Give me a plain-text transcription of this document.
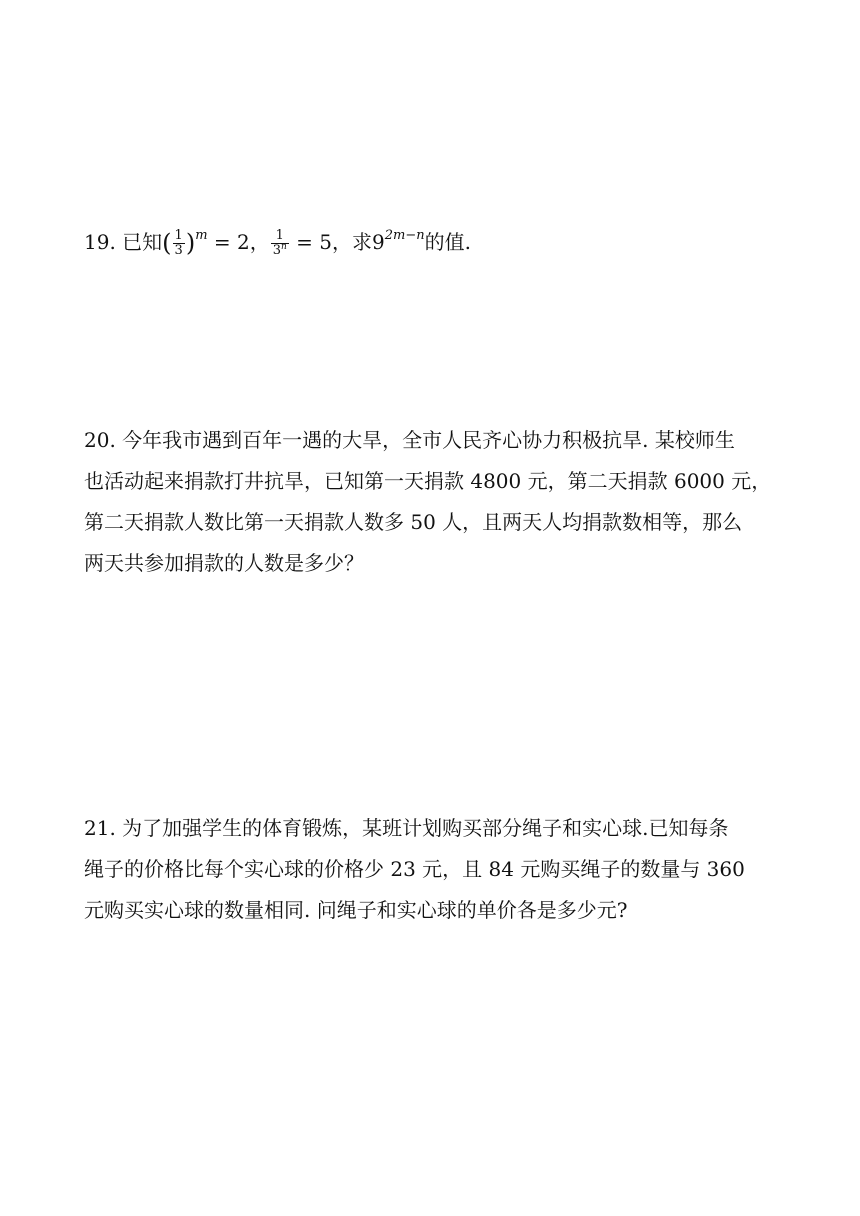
19. 已知( $\frac{1}{3} )^m = 2$， $\frac{1}{3^n} = 5$，求$9^{2m-n}$的值.
20. 今年我市遇到百年一遇的大旱，全市人民齐心协力积极抗旱. 某校师生
也活动起来捐款打井抗旱，已知第一天捐款 4800 元，第二天捐款 6000 元，
第二天捐款人数比第一天捐款人数多 50 人，且两天人均捐款数相等，那么
两天共参加捐款的人数是多少？
21. 为了加强学生的体育锻炼，某班计划购买部分绳子和实心球.已知每条
绳子的价格比每个实心球的价格少 23 元，且 84 元购买绳子的数量与 360
元购买实心球的数量相同. 问绳子和实心球的单价各是多少元?
